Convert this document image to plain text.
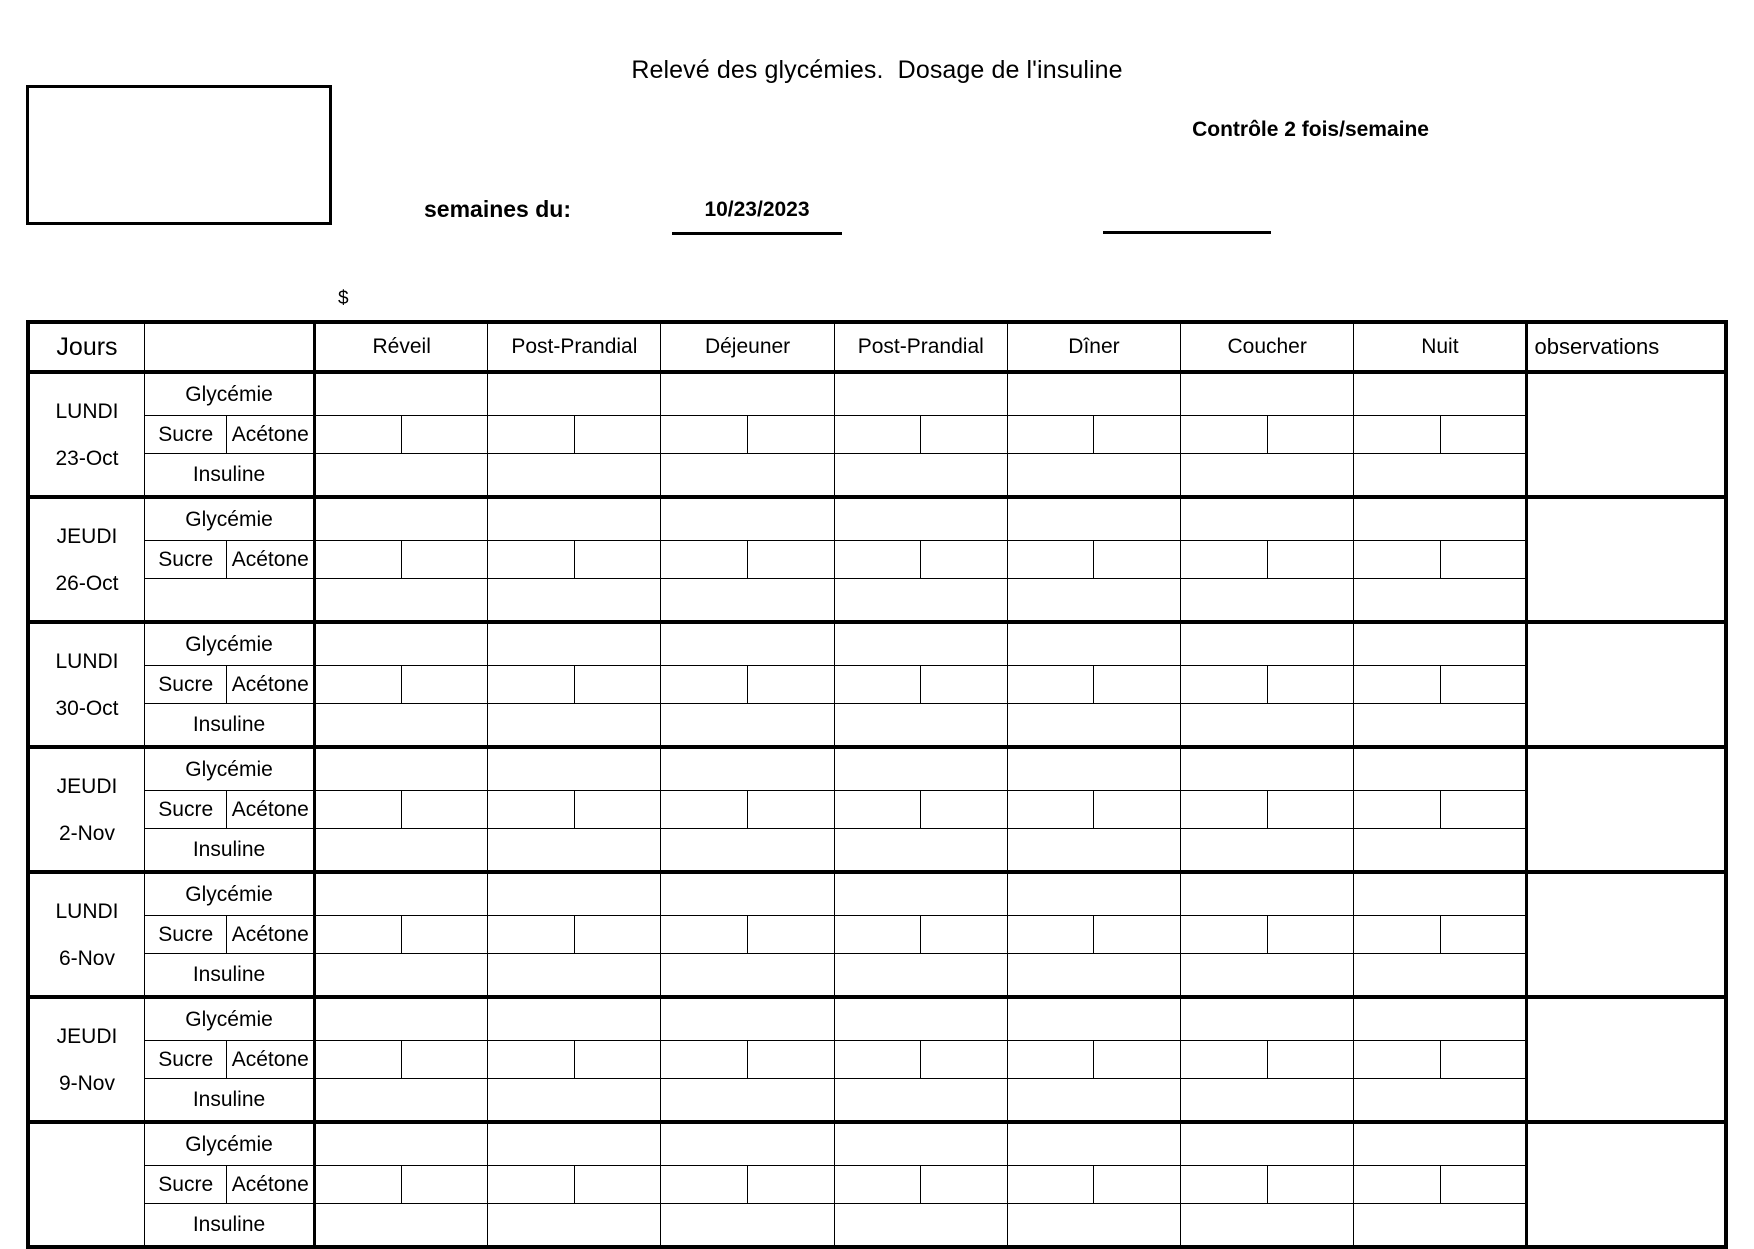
Relevé des glycémies.  Dosage de l'insuline
Contrôle 2 fois/semaine
semaines du:	10/23/2023
$
Jours			Réveil		Post-Prandial		Déjeuner		Post-Prandial		Dîner		Coucher		Nuit		observations

LUNDI
23-Oct	Glycémie																
	Sucre	Acétone															
	Insuline																

JEUDI
26-Oct	Glycémie																
	Sucre	Acétone															

LUNDI
30-Oct	Glycémie																
	Sucre	Acétone															
	Insuline																

JEUDI
2-Nov	Glycémie																
	Sucre	Acétone															
	Insuline																

LUNDI
6-Nov	Glycémie																
	Sucre	Acétone															
	Insuline																

JEUDI
9-Nov	Glycémie																
	Sucre	Acétone															
	Insuline																

	Glycémie																
	Sucre	Acétone															
	Insuline																
